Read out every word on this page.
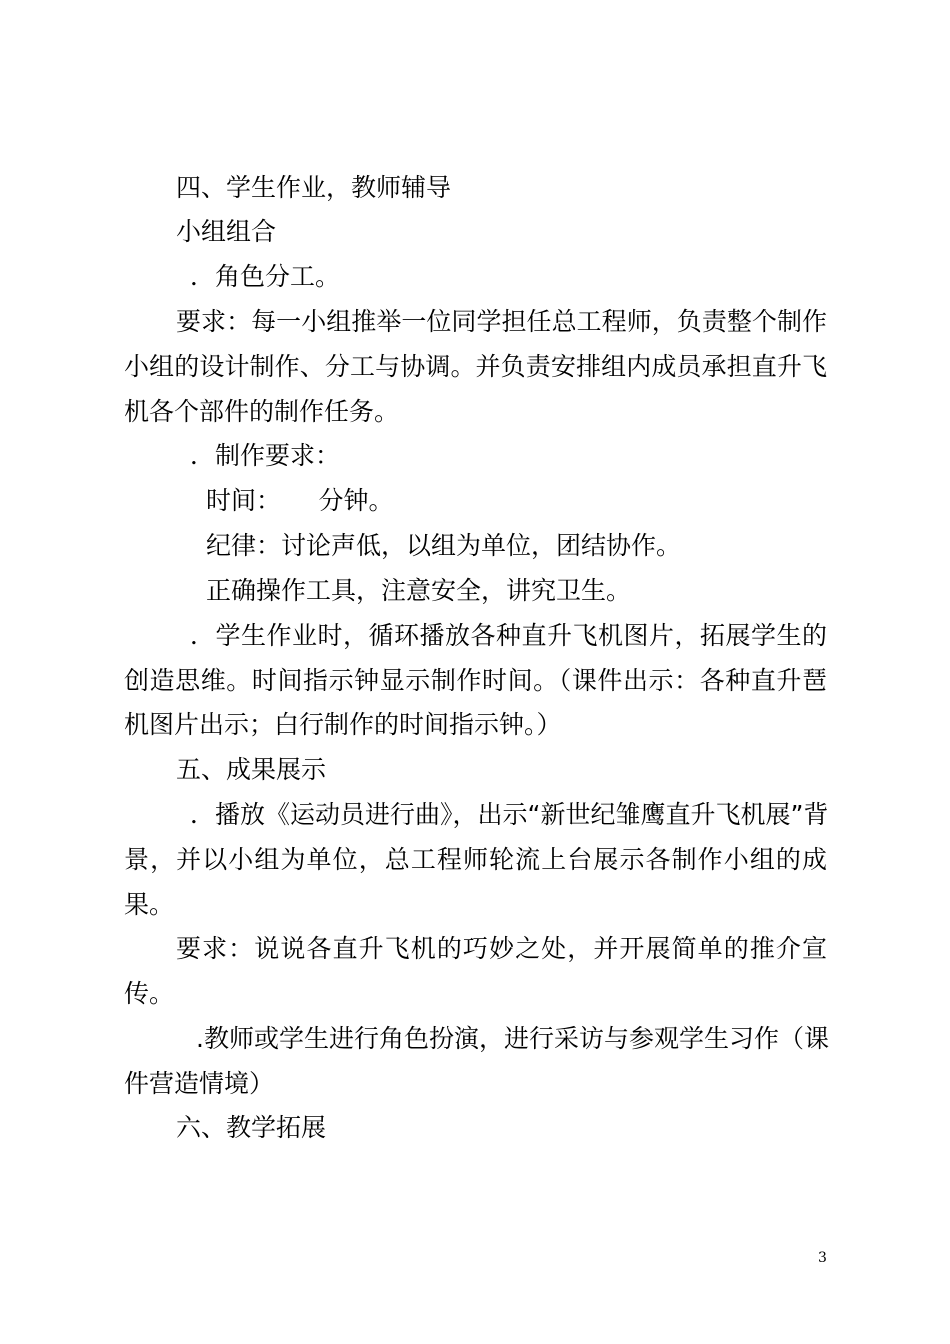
四、学生作业，教师辅导
小组组合
．角色分工。
要求：每一小组推举一位同学担任总工程师，负责整个制作
小组的设计制作、分工与协调。并负责安排组内成员承担直升飞
机各个部件的制作任务。
．制作要求：
时间：　　分钟。
纪律：讨论声低，以组为单位，团结协作。
正确操作工具，注意安全，讲究卫生。
．学生作业时，循环播放各种直升飞机图片，拓展学生的
创造思维。时间指示钟显示制作时间。（课件出示：各种直升琶
机图片出示；白行制作的时间指示钟。）
五、成果展示
．播放《运动员进行曲》，出示“新世纪雏鹰直升飞机展”背
景，并以小组为单位，总工程师轮流上台展示各制作小组的成
果。
要求：说说各直升飞机的巧妙之处，并开展简单的推介宣
传。
.教师或学生进行角色扮演，进行采访与参观学生习作（课
件营造情境）
六、教学拓展
3
